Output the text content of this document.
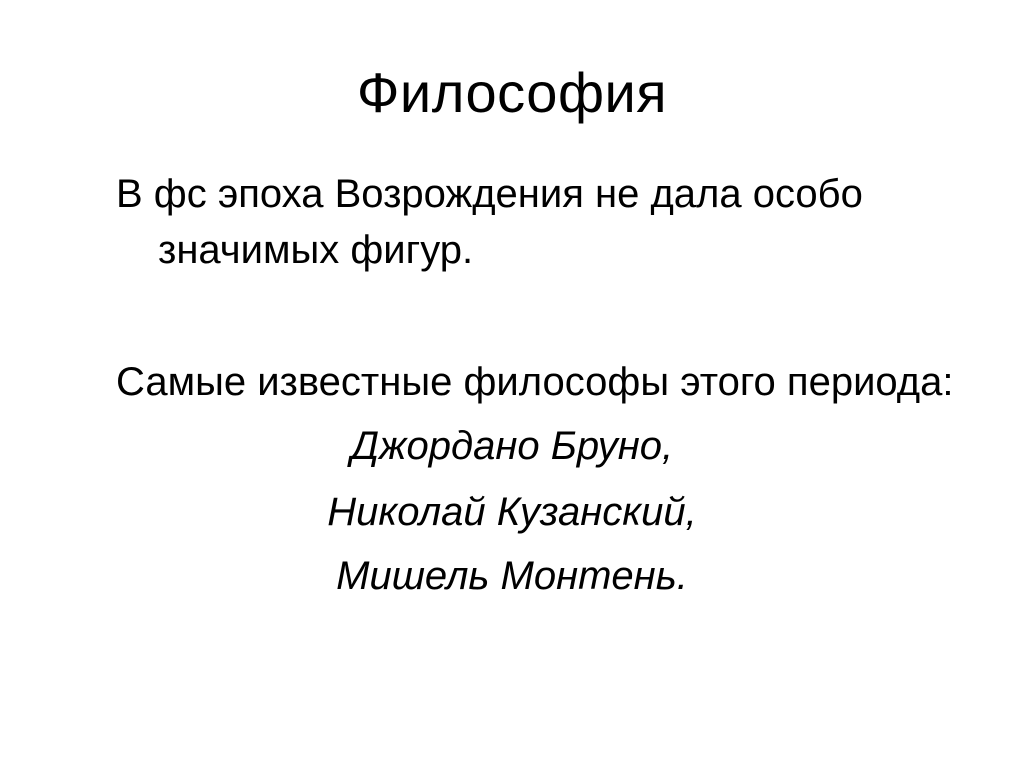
Философия

В фс эпоха Возрождения не дала особо

значимых фигур.

Самые известные философы этого периода:

Джордано Бруно,

Николай Кузанский,

Мишель Монтень.
